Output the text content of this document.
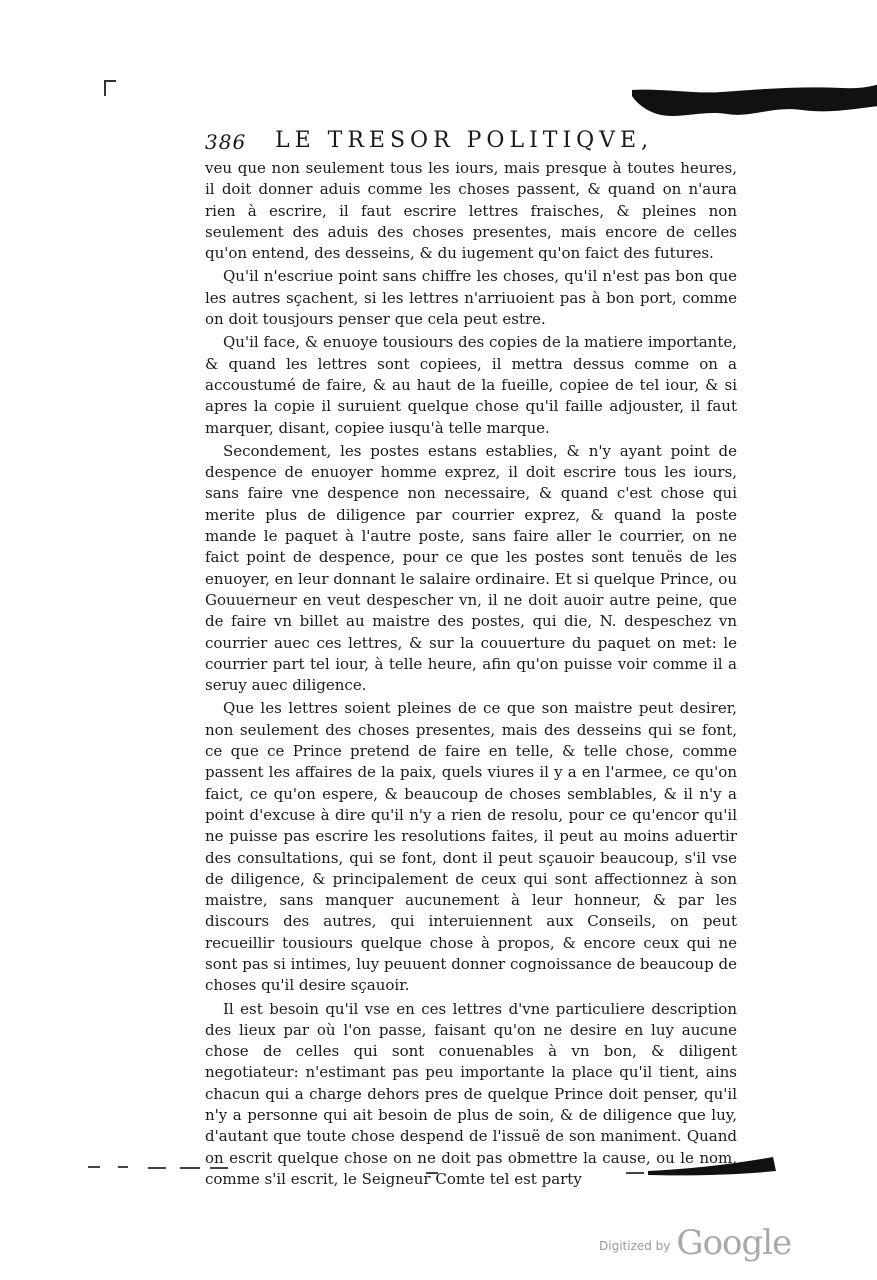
386 LE TRESOR POLITIQVE,

veu que non seulement tous les iours, mais presque à toutes heures, il doit donner aduis comme les choses passent, & quand on n'aura rien à escrire, il faut escrire lettres fraisches, & pleines non seulement des aduis des choses presentes, mais encore de celles qu'on entend, des desseins, & du iugement qu'on faict des futures.

Qu'il n'escriue point sans chiffre les choses, qu'il n'est pas bon que les autres sçachent, si les lettres n'arriuoient pas à bon port, comme on doit tousjours penser que cela peut estre.

Qu'il face, & enuoye tousiours des copies de la matiere importante, & quand les lettres sont copiees, il mettra dessus comme on a accoustumé de faire, & au haut de la fueille, copiee de tel iour, & si apres la copie il suruient quelque chose qu'il faille adjouster, il faut marquer, disant, copiee iusqu'à telle marque.

Secondement, les postes estans establies, & n'y ayant point de despence de enuoyer homme exprez, il doit escrire tous les iours, sans faire vne despence non necessaire, & quand c'est chose qui merite plus de diligence par courrier exprez, & quand la poste mande le paquet à l'autre poste, sans faire aller le courrier, on ne faict point de despence, pour ce que les postes sont tenuës de les enuoyer, en leur donnant le salaire ordinaire. Et si quelque Prince, ou Gouuerneur en veut despescher vn, il ne doit auoir autre peine, que de faire vn billet au maistre des postes, qui die, N. despeschez vn courrier auec ces lettres, & sur la couuerture du paquet on met: le courrier part tel iour, à telle heure, afin qu'on puisse voir comme il a seruy auec diligence.

Que les lettres soient pleines de ce que son maistre peut desirer, non seulement des choses presentes, mais des desseins qui se font, ce que ce Prince pretend de faire en telle, & telle chose, comme passent les affaires de la paix, quels viures il y a en l'armee, ce qu'on faict, ce qu'on espere, & beaucoup de choses semblables, & il n'y a point d'excuse à dire qu'il n'y a rien de resolu, pour ce qu'encor qu'il ne puisse pas escrire les resolutions faites, il peut au moins aduertir des consultations, qui se font, dont il peut sçauoir beaucoup, s'il vse de diligence, & principalement de ceux qui sont affectionnez à son maistre, sans manquer aucunement à leur honneur, & par les discours des autres, qui interuiennent aux Conseils, on peut recueillir tousiours quelque chose à propos, & encore ceux qui ne sont pas si intimes, luy peuuent donner cognoissance de beaucoup de choses qu'il desire sçauoir.

Il est besoin qu'il vse en ces lettres d'vne particuliere description des lieux par où l'on passe, faisant qu'on ne desire en luy aucune chose de celles qui sont conuenables à vn bon, & diligent negotiateur: n'estimant pas peu importante la place qu'il tient, ains chacun qui a charge dehors pres de quelque Prince doit penser, qu'il n'y a personne qui ait besoin de plus de soin, & de diligence que luy, d'autant que toute chose despend de l'issuë de son maniment. Quand on escrit quelque chose on ne doit pas obmettre la cause, ou le nom, comme s'il escrit, le Seigneur Comte tel est party

Digitized by Google
